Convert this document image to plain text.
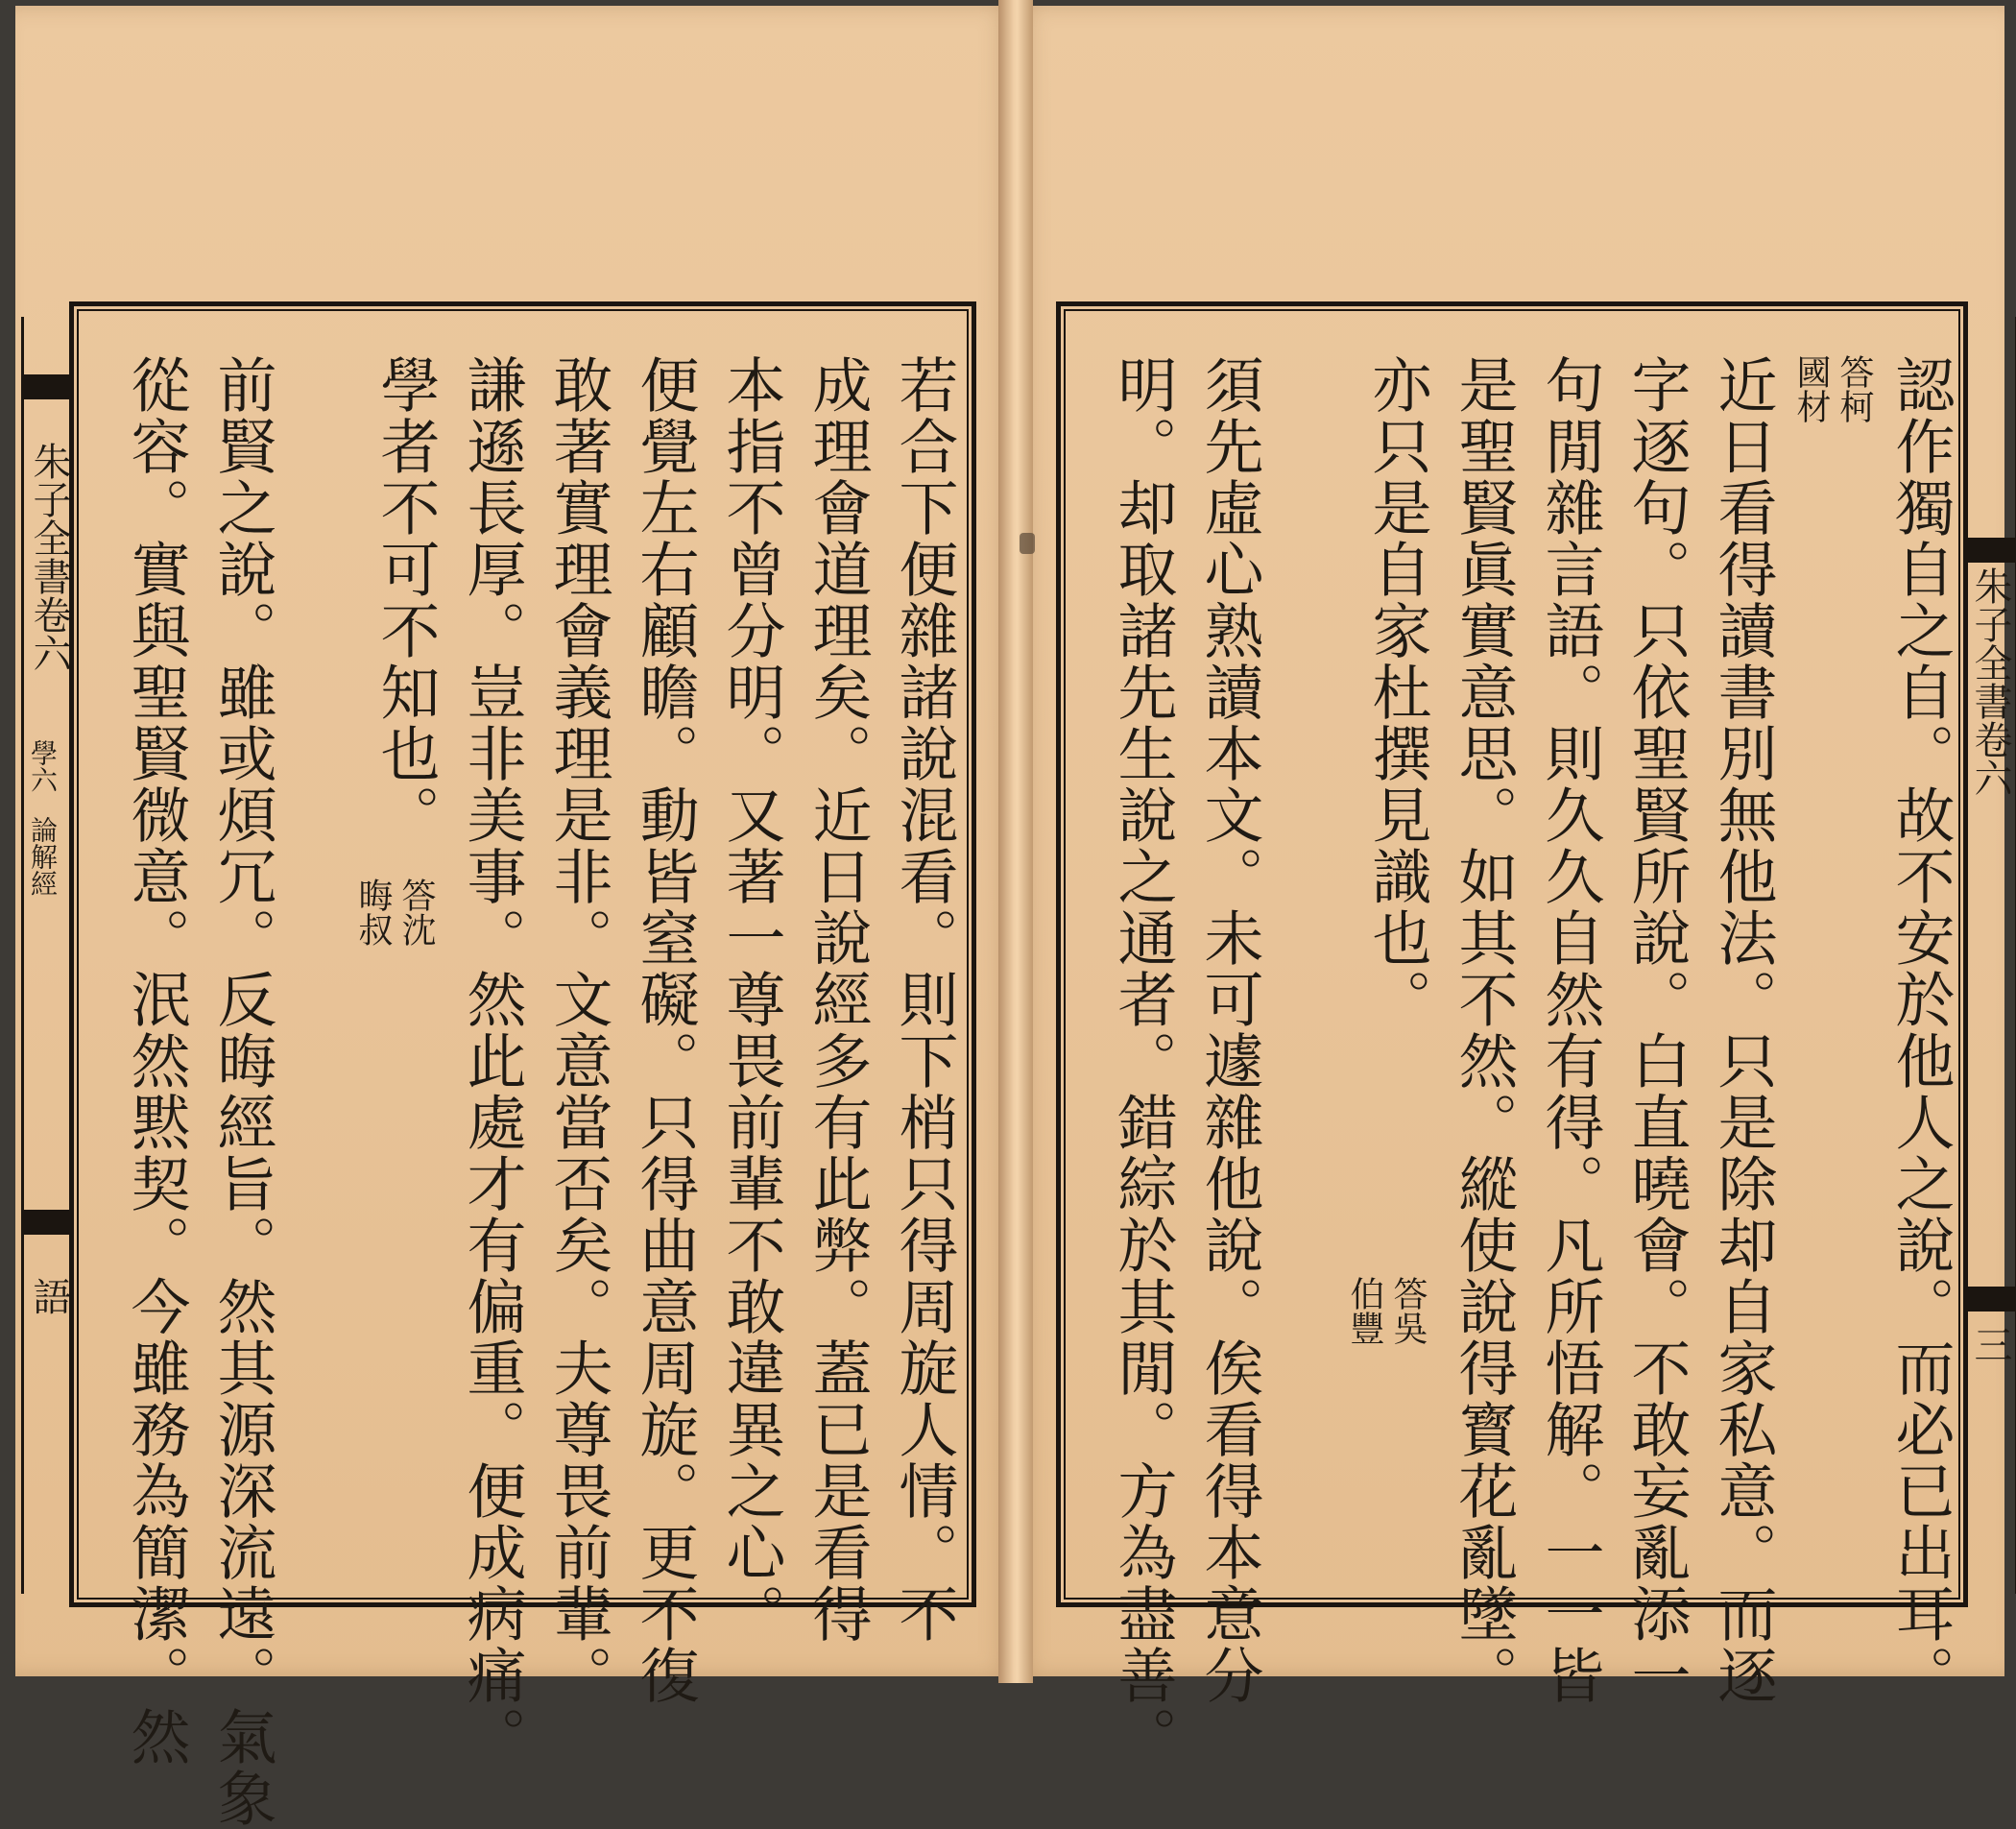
朱子全書卷六
學六
論解經
語
朱子全書卷六
三
若合下便雜諸說混看。則下梢只得周旋人情。不
成理會道理矣。近日說經多有此弊。蓋已是看得
本指不曾分明。又著一尊畏前輩不敢違異之心。
便覺左右顧瞻。動皆窒礙。只得曲意周旋。更不復
敢著實理會義理是非。文意當否矣。夫尊畏前輩。
謙遜長厚。豈非美事。然此處才有偏重。便成病痛。
學者不可不知也。
答沈
晦叔
前賢之說。雖或煩冗。反晦經旨。然其源深流遠。氣象
從容。實與聖賢微意。泯然黙契。今雖務為簡潔。然	認作獨自之自。故不安於他人之說。而必已出耳。
答柯
國材
近日看得讀書別無他法。只是除却自家私意。而逐
字逐句。只依聖賢所說。白直曉會。不敢妄亂添一
句閒雜言語。則久久自然有得。凡所悟解。一一皆
是聖賢眞實意思。如其不然。縱使說得寳花亂墜。
亦只是自家杜撰見識也。
答吳
伯豐
須先虛心熟讀本文。未可遽雜他說。俟看得本意分
明。却取諸先生說之通者。錯綜於其閒。方為盡善。
